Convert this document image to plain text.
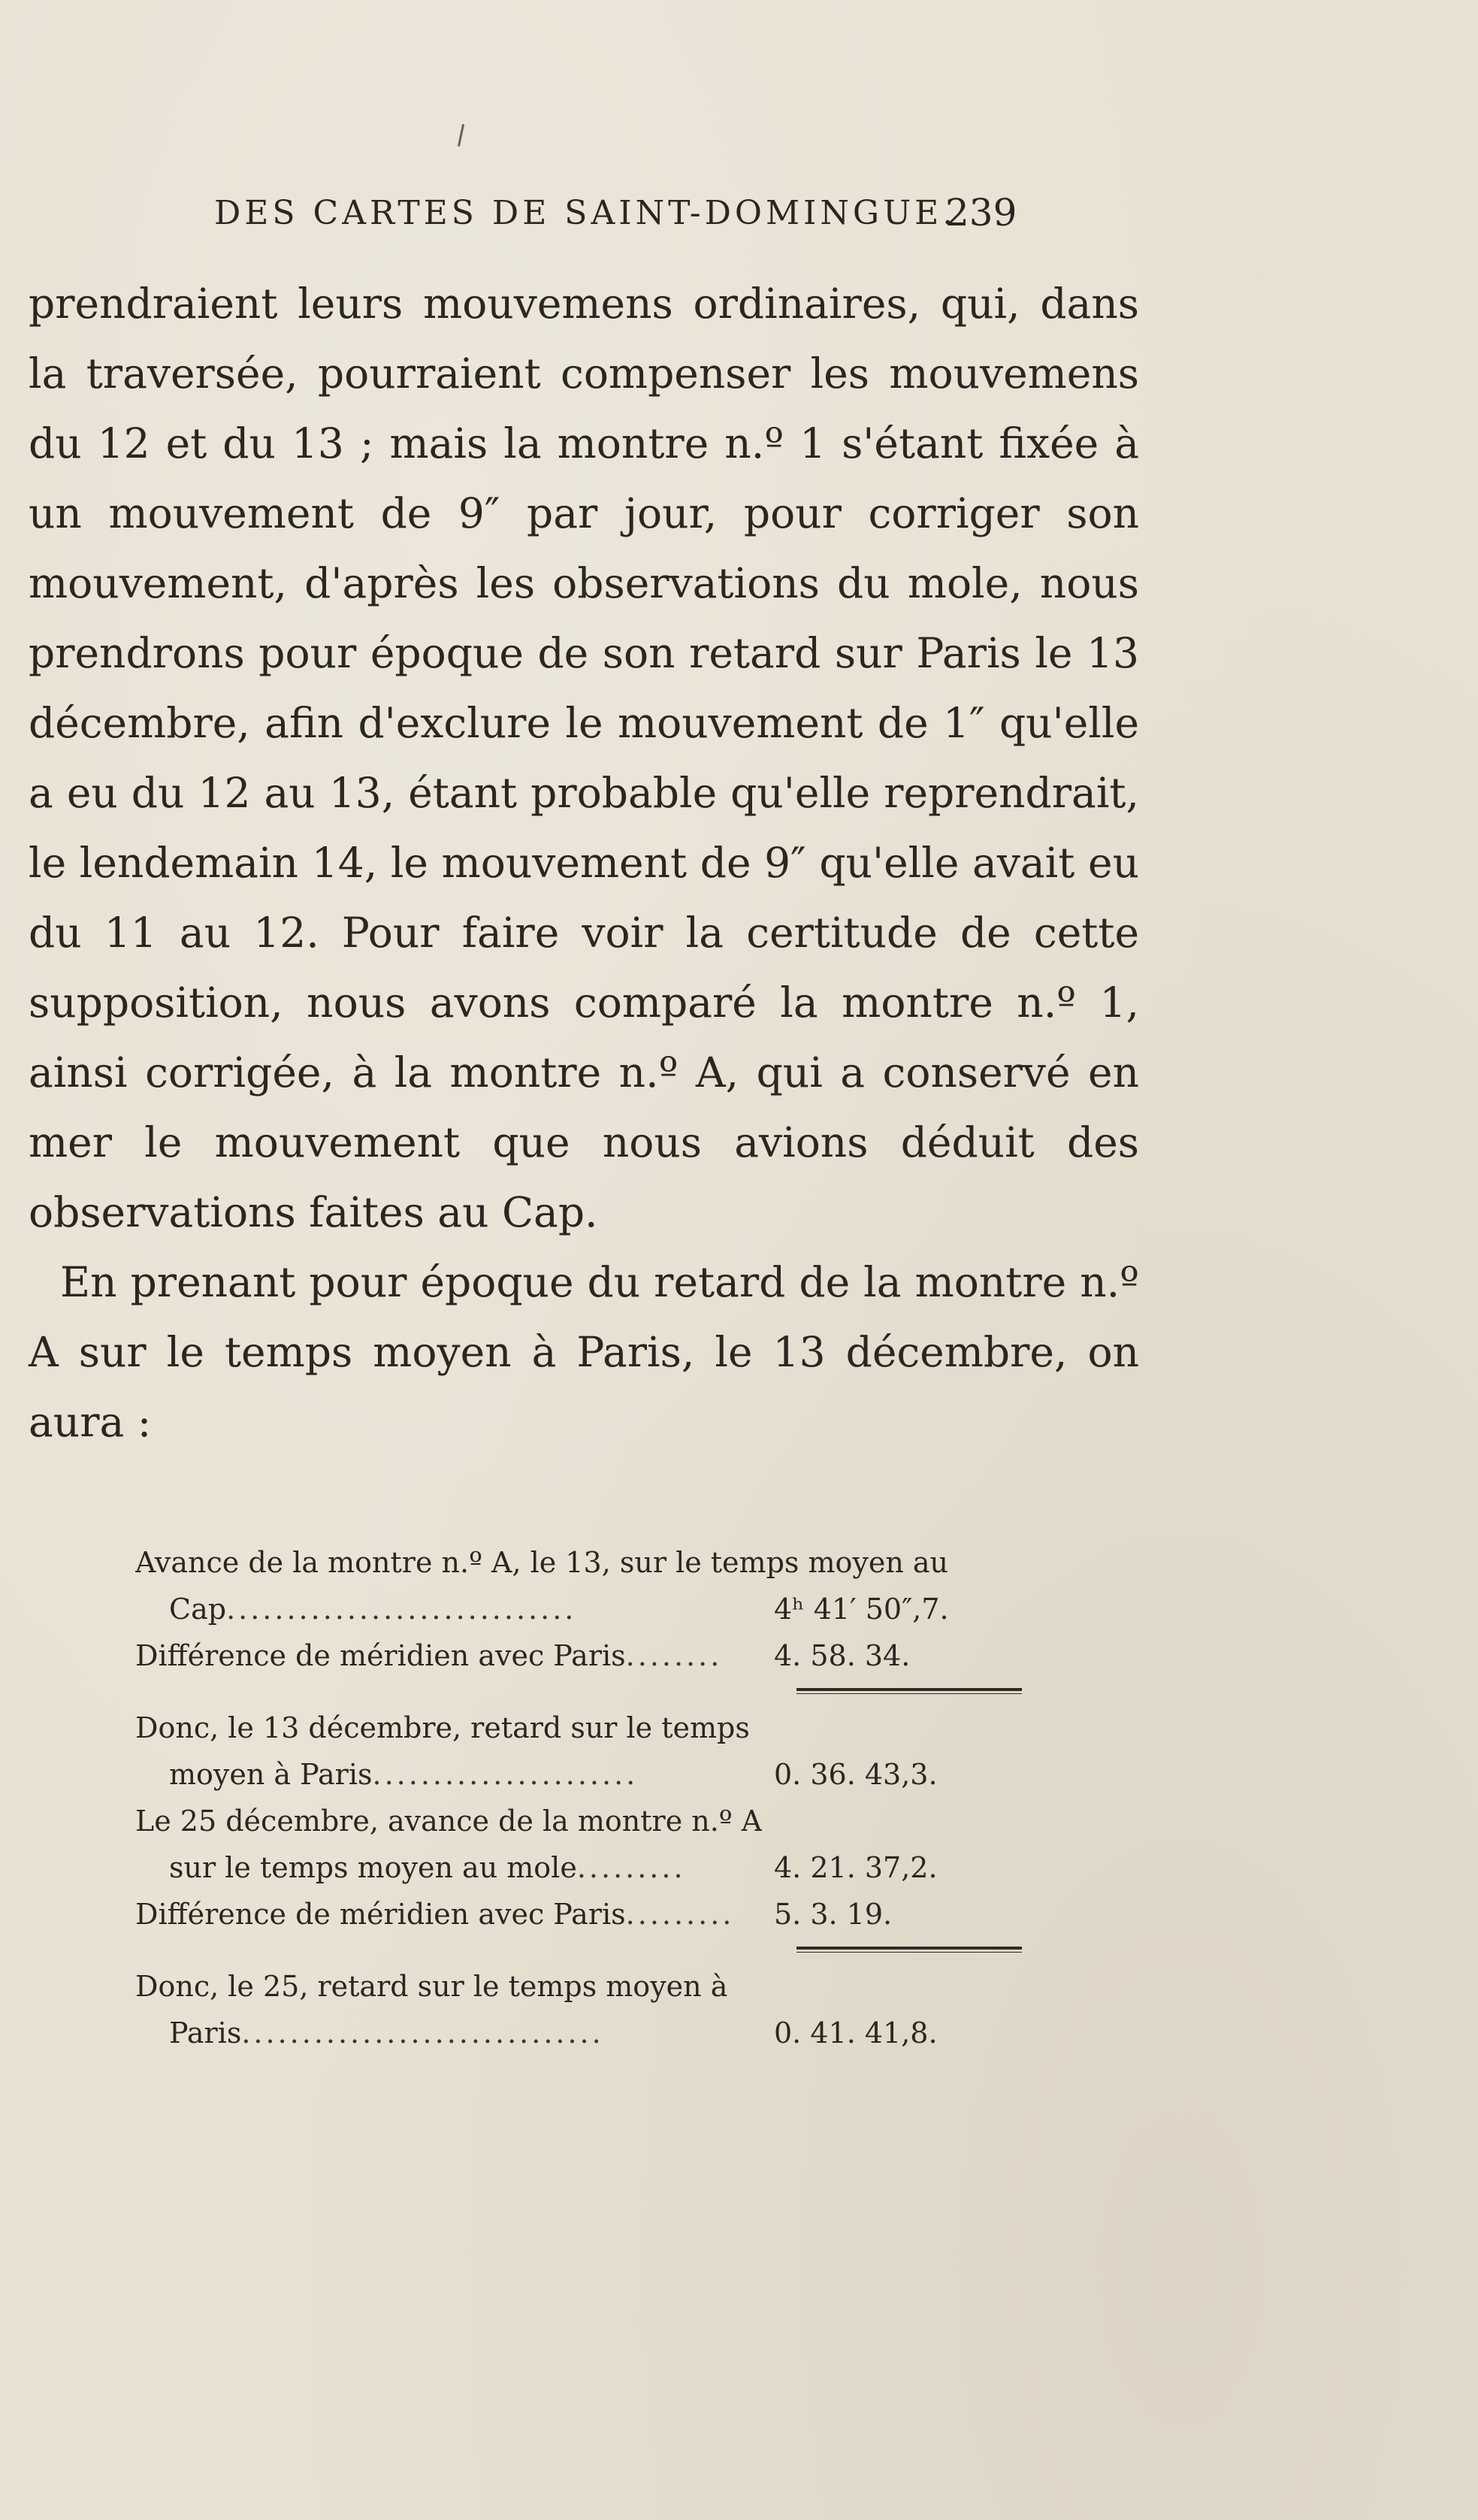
DES CARTES DE SAINT-DOMINGUE.
239

prendraient leurs mouvemens ordinaires, qui, dans la traversée, pourraient compenser les mouvemens du 12 et du 13 ; mais la montre n.º 1 s'étant fixée à un mouvement de 9″ par jour, pour corriger son mouvement, d'après les observations du mole, nous prendrons pour époque de son retard sur Paris le 13 décembre, afin d'exclure le mouvement de 1″ qu'elle a eu du 12 au 13, étant probable qu'elle reprendrait, le lendemain 14, le mouvement de 9″ qu'elle avait eu du 11 au 12. Pour faire voir la certitude de cette supposition, nous avons comparé la montre n.º 1, ainsi corrigée, à la montre n.º A, qui a conservé en mer le mouvement que nous avions déduit des observations faites au Cap.

En prenant pour époque du retard de la montre n.º A sur le temps moyen à Paris, le 13 décembre, on aura :

Avance de la montre n.º A, le 13, sur le temps moyen au
Cap.............................	4ʰ 41′ 50″,7.
Différence de méridien avec Paris........ 4. 58. 34.
Donc, le 13 décembre, retard sur le temps
moyen à Paris......................	0. 36. 43,3.
Le 25 décembre, avance de la montre n.º A
sur le temps moyen au mole.........	4. 21. 37,2.
Différence de méridien avec Paris......... 5. 3. 19.
Donc, le 25, retard sur le temps moyen à
Paris..............................	0. 41. 41,8.
